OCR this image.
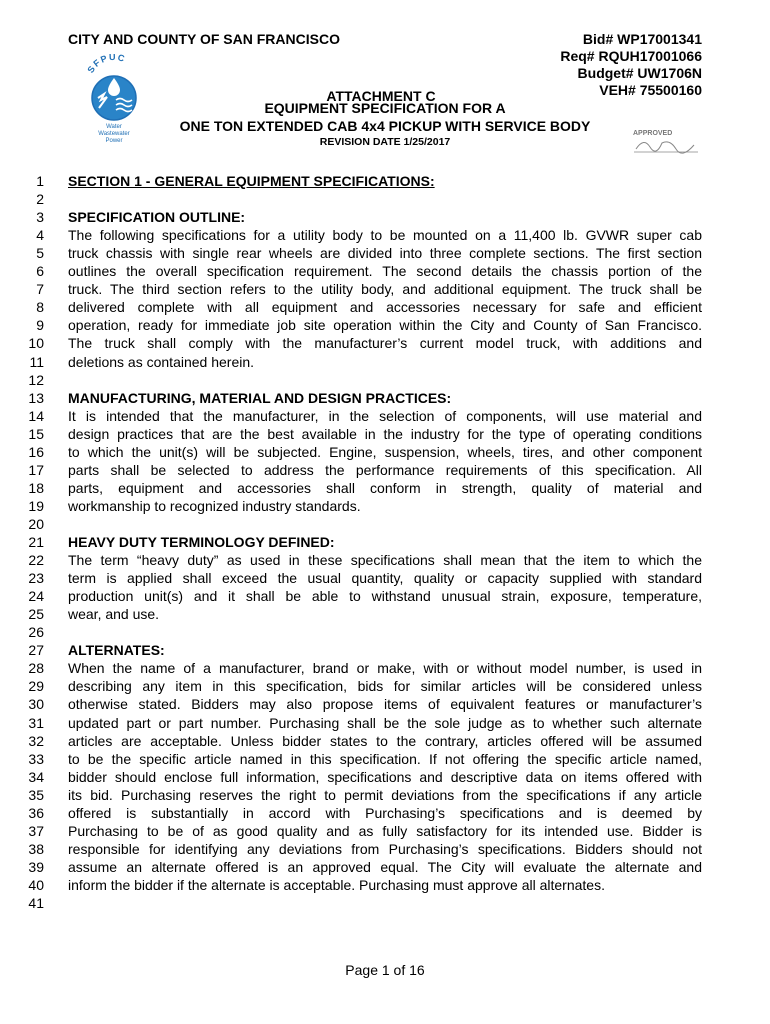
CITY AND COUNTY OF SAN FRANCISCO	Bid# WP17001341
Req# RQUH17001066
Budget# UW1706N
VEH# 75500160
SFPUC
Water
Wastewater
Power
ATTACHMENT C
EQUIPMENT SPECIFICATION FOR A
ONE TON EXTENDED CAB 4x4 PICKUP WITH SERVICE BODY
REVISION DATE 1/25/2017
APPROVED
1 SECTION 1 - GENERAL EQUIPMENT SPECIFICATIONS:
2
3 SPECIFICATION OUTLINE:
4 The following specifications for a utility body to be mounted on a 11,400 lb. GVWR super cab
5 truck chassis with single rear wheels are divided into three complete sections. The first section
6 outlines the overall specification requirement. The second details the chassis portion of the
7 truck. The third section refers to the utility body, and additional equipment. The truck shall be
8 delivered complete with all equipment and accessories necessary for safe and efficient
9 operation, ready for immediate job site operation within the City and County of San Francisco.
10 The truck shall comply with the manufacturer’s current model truck, with additions and
11 deletions as contained herein.
12
13 MANUFACTURING, MATERIAL AND DESIGN PRACTICES:
14 It is intended that the manufacturer, in the selection of components, will use material and
15 design practices that are the best available in the industry for the type of operating conditions
16 to which the unit(s) will be subjected. Engine, suspension, wheels, tires, and other component
17 parts shall be selected to address the performance requirements of this specification. All
18 parts, equipment and accessories shall conform in strength, quality of material and
19 workmanship to recognized industry standards.
20
21 HEAVY DUTY TERMINOLOGY DEFINED:
22 The term “heavy duty” as used in these specifications shall mean that the item to which the
23 term is applied shall exceed the usual quantity, quality or capacity supplied with standard
24 production unit(s) and it shall be able to withstand unusual strain, exposure, temperature,
25 wear, and use.
26
27 ALTERNATES:
28 When the name of a manufacturer, brand or make, with or without model number, is used in
29 describing any item in this specification, bids for similar articles will be considered unless
30 otherwise stated. Bidders may also propose items of equivalent features or manufacturer’s
31 updated part or part number. Purchasing shall be the sole judge as to whether such alternate
32 articles are acceptable. Unless bidder states to the contrary, articles offered will be assumed
33 to be the specific article named in this specification. If not offering the specific article named,
34 bidder should enclose full information, specifications and descriptive data on items offered with
35 its bid. Purchasing reserves the right to permit deviations from the specifications if any article
36 offered is substantially in accord with Purchasing’s specifications and is deemed by
37 Purchasing to be of as good quality and as fully satisfactory for its intended use. Bidder is
38 responsible for identifying any deviations from Purchasing’s specifications. Bidders should not
39 assume an alternate offered is an approved equal. The City will evaluate the alternate and
40 inform the bidder if the alternate is acceptable. Purchasing must approve all alternates.
41
Page 1 of 16
